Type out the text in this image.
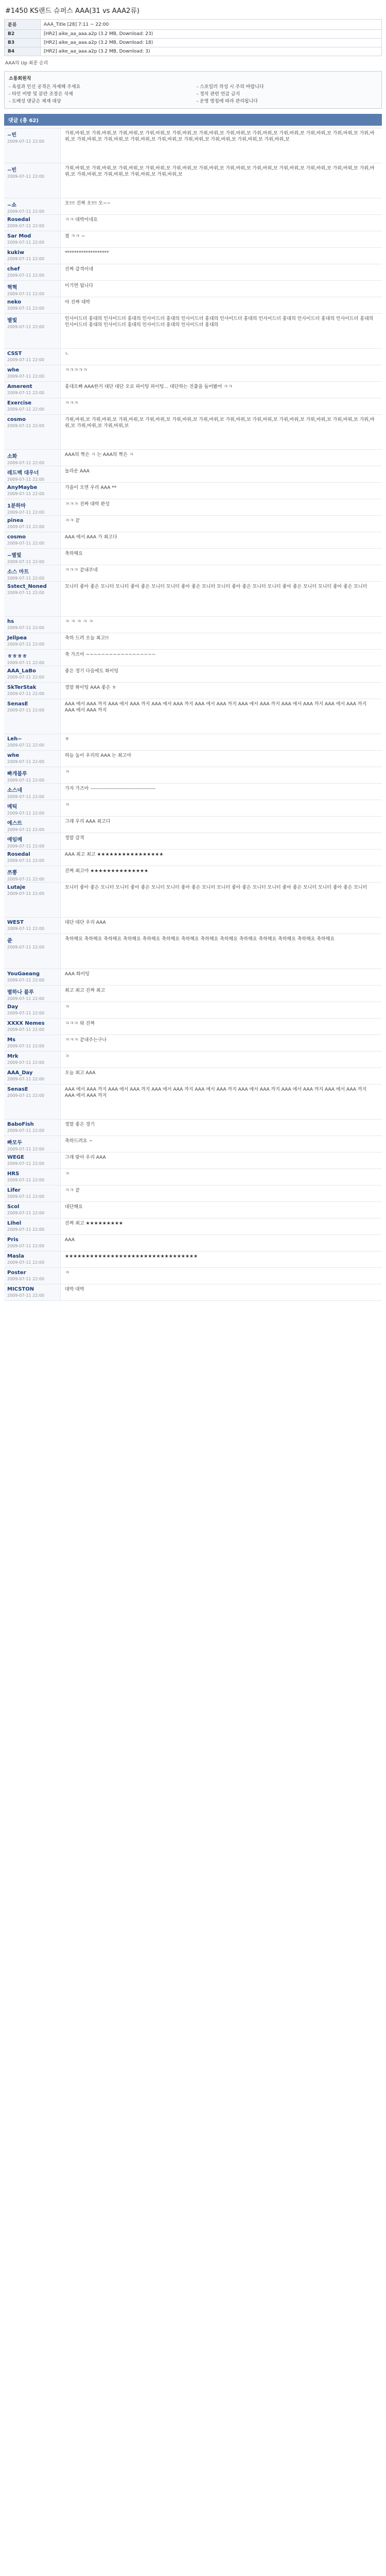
#1450 KS랜드 슈퍼스 AAA(31 vs AAA2류)
분류	AAA_Title [28] 7:11 ~ 22:00
B2	[HR2] aike_aa_aaa.a2p (3.2 MB, Download: 23)
B3	[HR2] aike_aa_aaa.a2p (3.2 MB, Download: 18)
B4	[HR2] aike_aa_aaa.a2p (3.2 MB, Download: 3)
AAA의 Up 최종 승리
소통회원칙
- 욕설과 인신 공격은 자제해 주세요
- 타인 비방 및 분란 조장은 삭제
- 도배성 댓글은 제재 대상
- 스포일러 작성 시 주의 바랍니다
- 정치 관련 언급 금지
- 운영 방침에 따라 관리됩니다
댓글 (총 62)
~빈
2009-07-11 22:00
가위,바위,보 가위,바위,보 가위,바위,보 가위,바위,보 가위,바위,보 가위,바위,보 가위,바위,보 가위,바위,보 가위,바위,보 가위,바위,보 가위,바위,보 가위,바위,보 가위,바위,보 가위,바위,보 가위,바위,보 가위,바위,보 가위,바위,보 가위,바위,보 가위,바위,보 가위,바위,보
~빈
2009-07-11 22:00
가위,바위,보 가위,바위,보 가위,바위,보 가위,바위,보 가위,바위,보 가위,바위,보 가위,바위,보 가위,바위,보 가위,바위,보 가위,바위,보 가위,바위,보 가위,바위,보 가위,바위,보 가위,바위,보 가위,바위,보 가위,바위,보
~쇼
2009-07-11 22:00
오!!! 진짜 오!!! 오~~
Rosedal
2009-07-11 22:00
ㅋㅋ 대박이네요
Sar Mod
2009-07-11 22:00
졌 ㅋㅋ ~
kukiw
2009-07-11 22:00
*******************
chef
2009-07-11 22:00
진짜 감격이네
혁혁
2009-07-11 22:00
이기면 됩니다
neko
2009-07-11 22:00
아 진짜 대박
별빛
2009-07-11 22:00
인사이드더 홍대의 인사이드더 홍대의 인사이드더 홍대의 인사이드더 홍대의 인사이드더 홍대의 인사이드더 홍대의 인사이드더 홍대의 인사이드더 홍대의 인사이드더 홍대의 인사이드더 홍대의 인사이드더 홍대의 인사이드더 홍대의
CSST
2009-07-11 22:00
ㄴ
whe
2009-07-11 22:00
ㅋㅋㅋㅋㅋ
Amerent
2009-07-11 22:00
홍대오빠 AAA한거 대단 대단 오로 파이팅 파이팅... 대단하는 진출을 들어봤어 ㅋㅋ
Exercise
2009-07-11 22:00
ㅋㅋㅋ
cosmo
2009-07-11 22:00
가위,바위,보 가위,바위,보 가위,바위,보 가위,바위,보 가위,바위,보 가위,바위,보 가위,바위,보 가위,바위,보 가위,바위,보 가위,바위,보 가위,바위,보 가위,바위,보 가위,바위,보 가위,바위,보
소화
2009-07-11 22:00
AAA의 짝은 ㅋ 는 AAA의 짝은 ㅋ
레드백 대우너
2009-07-11 22:00
놀라운 AAA
AnyMaybe
2009-07-11 22:00
가을이 오면 우리 AAA **
1분하마
2009-07-11 22:00
ㅋㅋㅋ 진짜 대박 완성
pinea
2009-07-11 22:00
ㅋㅋ 끝
cosmo
2009-07-11 22:00
AAA 에서 AAA 가 최고다
~별빛
2009-07-11 22:00
축하해요
소스 마트
2009-07-11 22:00
ㅋㅋㅋ 끝내주네
Sstect_Noned
2009-07-11 22:00
모니터 좋아 좋은 모니터 모니터 좋아 좋은 모니터 모니터 좋아 좋은 모니터 모니터 좋아 좋은 모니터 모니터 좋아 좋은 모니터 모니터 좋아 좋은 모니터
hs
2009-07-11 22:00
ㅋ ㅋ ㅋ ㅋ ㅋ
Jellpea
2009-07-11 22:00
축하 드려 오늘 최고!!
ㅎㅎㅎㅎ
2009-07-11 22:00
축 가즈아 ~~~~~~~~~~~~~~~~~~
AAA_LaBo
2009-07-11 22:00
좋은 경기 다음에도 화이팅
SkTerStak
2009-07-11 22:00
정말 화이팅 AAA 좋은 ㅎ
SenasE
2009-07-11 22:00
AAA 에서 AAA 까지 AAA 에서 AAA 까지 AAA 에서 AAA 까지 AAA 에서 AAA 까지 AAA 에서 AAA 까지 AAA 에서 AAA 까지 AAA 에서 AAA 까지 AAA 에서 AAA 까지
Leh~
2009-07-11 22:00
ㅎ
whe
2009-07-11 22:00
하늘 높이 우리의 AAA 는 최고야
빠개블루
2009-07-11 22:00
ㅋ
소스네
2009-07-11 22:00
가자 가즈아 ---------------------------------------
메틱
2009-07-11 22:00
ㅋ
에스뜨
2009-07-11 22:00
그래 우리 AAA 최고다
에임메
2009-07-11 22:00
정말 감격
Rosedal
2009-07-11 22:00
AAA 최고 최고 ★★★★★★★★★★★★★★★★
쯔뽕
2009-07-11 22:00
진짜 최고야 ★★★★★★★★★★★★★★
Lutaje
2009-07-11 22:00
모니터 좋아 좋은 모니터 모니터 좋아 좋은 모니터 모니터 좋아 좋은 모니터 모니터 좋아 좋은 모니터 모니터 좋아 좋은 모니터 모니터 좋아 좋은 모니터
WEST
2009-07-11 22:00
대단 대단 우리 AAA
쥰
2009-07-11 22:00
축하해요 축하해요 축하해요 축하해요 축하해요 축하해요 축하해요 축하해요 축하해요 축하해요 축하해요 축하해요 축하해요 축하해요
YouGaeang
2009-07-11 22:00
AAA 화이팅
별하나 블루
2009-07-11 22:00
최고 최고 진짜 최고
Day
2009-07-11 22:00
ㅋ
XXXX Nemes
2009-07-11 22:00
ㅋㅋㅋ 와 진짜
Ms
2009-07-11 22:00
ㅋㅋㅋ 끝내주는구나
Mrk
2009-07-11 22:00
ㅋ
AAA_Day
2009-07-11 22:00
오늘 최고 AAA
SenasE
2009-07-11 22:00
AAA 에서 AAA 까지 AAA 에서 AAA 까지 AAA 에서 AAA 까지 AAA 에서 AAA 까지 AAA 에서 AAA 까지 AAA 에서 AAA 까지 AAA 에서 AAA 까지 AAA 에서 AAA 까지
BaboFish
2009-07-11 22:00
정말 좋은 경기
빠모두
2009-07-11 22:00
축하드려요 ~
WEGE
2009-07-11 22:00
그래 맞아 우리 AAA
HRS
2009-07-11 22:00
ㅋ
Lifer
2009-07-11 22:00
ㅋㅋ 끝
Scol
2009-07-11 22:00
대단해요
Lihel
2009-07-11 22:00
진짜 최고 ★★★★★★★★★
Pris
2009-07-11 22:00
AAA
Masla
2009-07-11 22:00
★★★★★★★★★★★★★★★★★★★★★★★★★★★★★★★★
Poster
2009-07-11 22:00
ㅋ
MICSTON
2009-07-11 22:00
대박 대박
